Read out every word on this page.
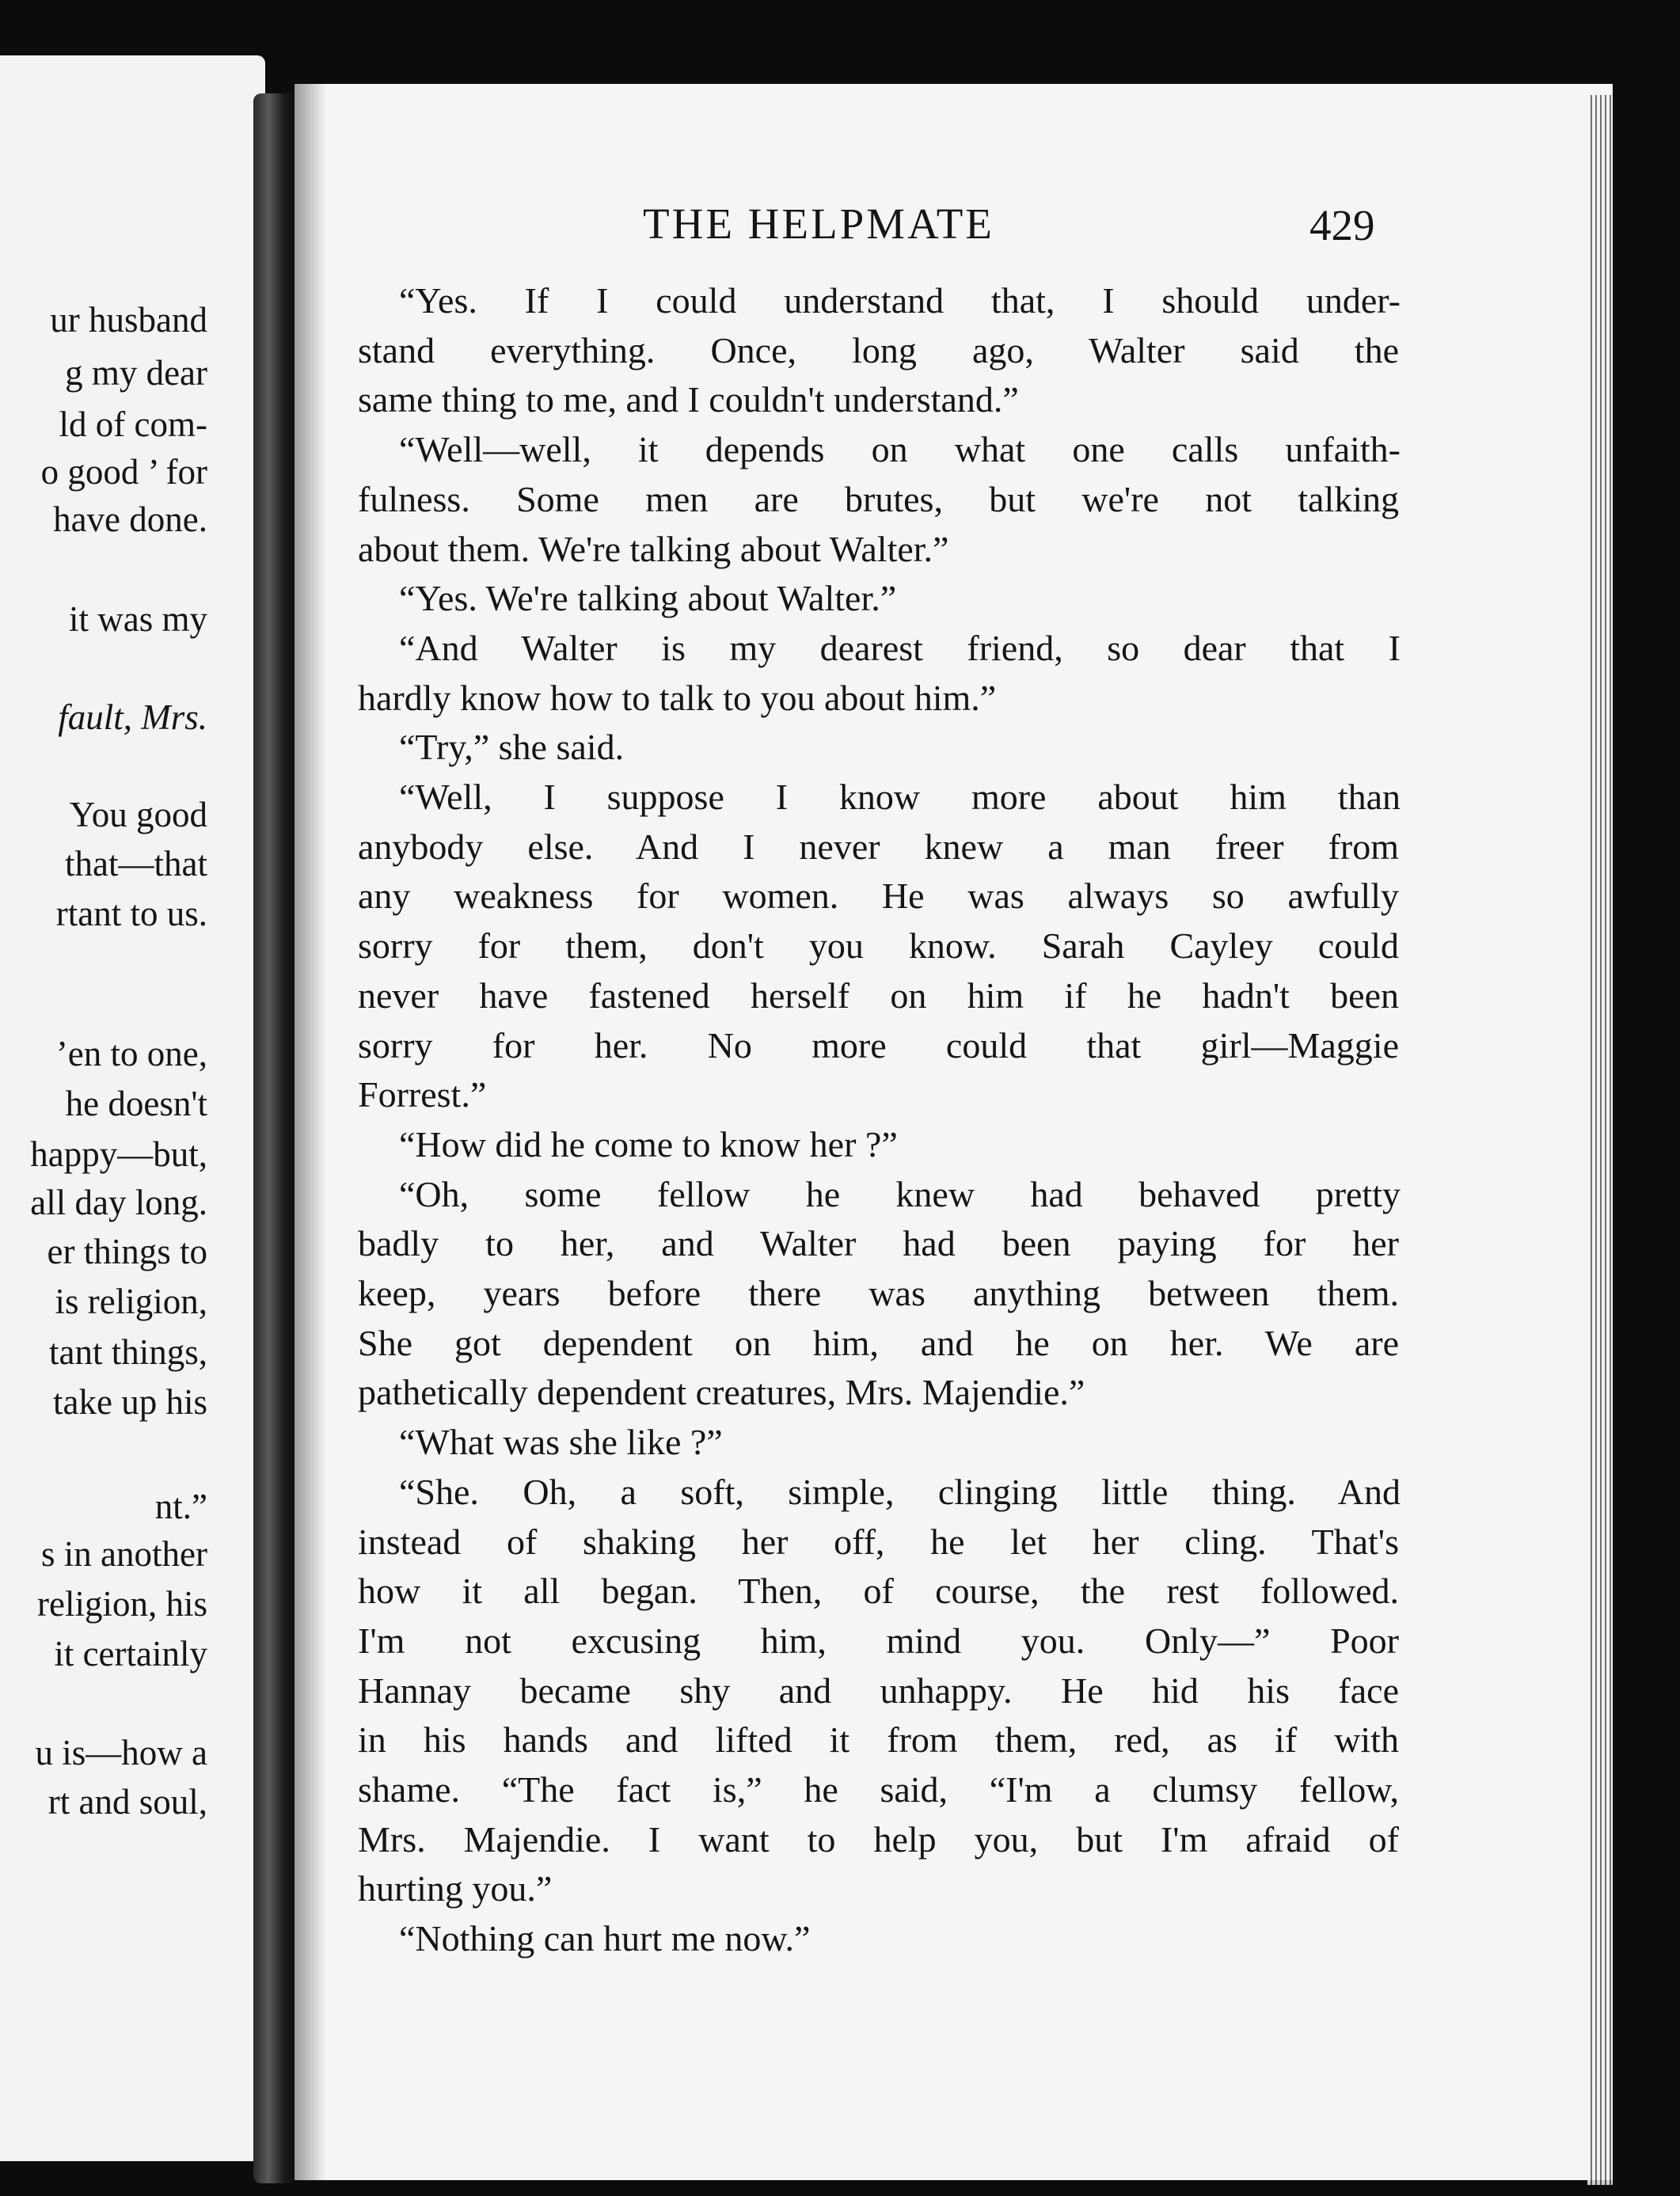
ur husband
g my dear
ld of com-
o good ’ for
have done.
it was my
fault, Mrs.
You good
that—that
rtant to us.
’en to one,
he doesn't
happy—but,
all day long.
er things to
is religion,
tant things,
take up his
nt.”
s in another
religion, his
it certainly
u is—how a
rt and soul,
THE HELPMATE	429
“Yes. If I could understand that, I should under-
stand everything. Once, long ago, Walter said the
same thing to me, and I couldn't understand.”
“Well—well, it depends on what one calls unfaith-
fulness. Some men are brutes, but we're not talking
about them. We're talking about Walter.”
“Yes. We're talking about Walter.”
“And Walter is my dearest friend, so dear that I
hardly know how to talk to you about him.”
“Try,” she said.
“Well, I suppose I know more about him than
anybody else. And I never knew a man freer from
any weakness for women. He was always so awfully
sorry for them, don't you know. Sarah Cayley could
never have fastened herself on him if he hadn't been
sorry for her. No more could that girl—Maggie
Forrest.”
“How did he come to know her ?”
“Oh, some fellow he knew had behaved pretty
badly to her, and Walter had been paying for her
keep, years before there was anything between them.
She got dependent on him, and he on her. We are
pathetically dependent creatures, Mrs. Majendie.”
“What was she like ?”
“She. Oh, a soft, simple, clinging little thing. And
instead of shaking her off, he let her cling. That's
how it all began. Then, of course, the rest followed.
I'm not excusing him, mind you. Only—” Poor
Hannay became shy and unhappy. He hid his face
in his hands and lifted it from them, red, as if with
shame. “The fact is,” he said, “I'm a clumsy fellow,
Mrs. Majendie. I want to help you, but I'm afraid of
hurting you.”
“Nothing can hurt me now.”
